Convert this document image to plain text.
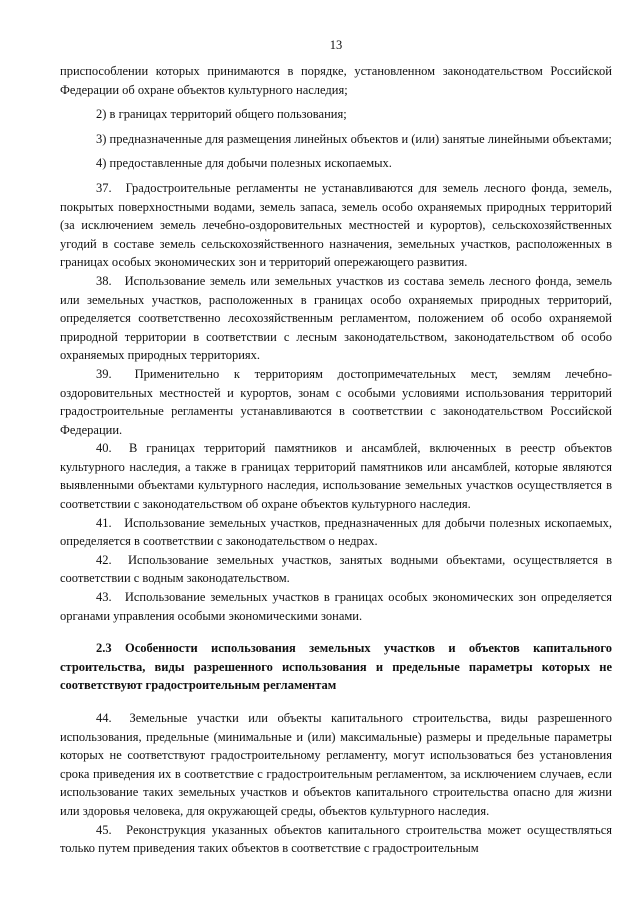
13

приспособлении которых принимаются в порядке, установленном законодательством Российской Федерации об охране объектов культурного наследия;

2) в границах территорий общего пользования;

3) предназначенные для размещения линейных объектов и (или) занятые линейными объектами;

4) предоставленные для добычи полезных ископаемых.

37. Градостроительные регламенты не устанавливаются для земель лесного фонда, земель, покрытых поверхностными водами, земель запаса, земель особо охраняемых природных территорий (за исключением земель лечебно-оздоровительных местностей и курортов), сельскохозяйственных угодий в составе земель сельскохозяйственного назначения, земельных участков, расположенных в границах особых экономических зон и территорий опережающего развития.

38. Использование земель или земельных участков из состава земель лесного фонда, земель или земельных участков, расположенных в границах особо охраняемых природных территорий, определяется соответственно лесохозяйственным регламентом, положением об особо охраняемой природной территории в соответствии с лесным законодательством, законодательством об особо охраняемых природных территориях.

39. Применительно к территориям достопримечательных мест, землям лечебно-оздоровительных местностей и курортов, зонам с особыми условиями использования территорий градостроительные регламенты устанавливаются в соответствии с законодательством Российской Федерации.

40. В границах территорий памятников и ансамблей, включенных в реестр объектов культурного наследия, а также в границах территорий памятников или ансамблей, которые являются выявленными объектами культурного наследия, использование земельных участков осуществляется в соответствии с законодательством об охране объектов культурного наследия.

41. Использование земельных участков, предназначенных для добычи полезных ископаемых, определяется в соответствии с законодательством о недрах.

42. Использование земельных участков, занятых водными объектами, осуществляется в соответствии с водным законодательством.

43. Использование земельных участков в границах особых экономических зон определяется органами управления особыми экономическими зонами.

2.3 Особенности использования земельных участков и объектов капитального строительства, виды разрешенного использования и предельные параметры которых не соответствуют градостроительным регламентам

44. Земельные участки или объекты капитального строительства, виды разрешенного использования, предельные (минимальные и (или) максимальные) размеры и предельные параметры которых не соответствуют градостроительному регламенту, могут использоваться без установления срока приведения их в соответствие с градостроительным регламентом, за исключением случаев, если использование таких земельных участков и объектов капитального строительства опасно для жизни или здоровья человека, для окружающей среды, объектов культурного наследия.

45. Реконструкция указанных объектов капитального строительства может осуществляться только путем приведения таких объектов в соответствие с градостроительным
